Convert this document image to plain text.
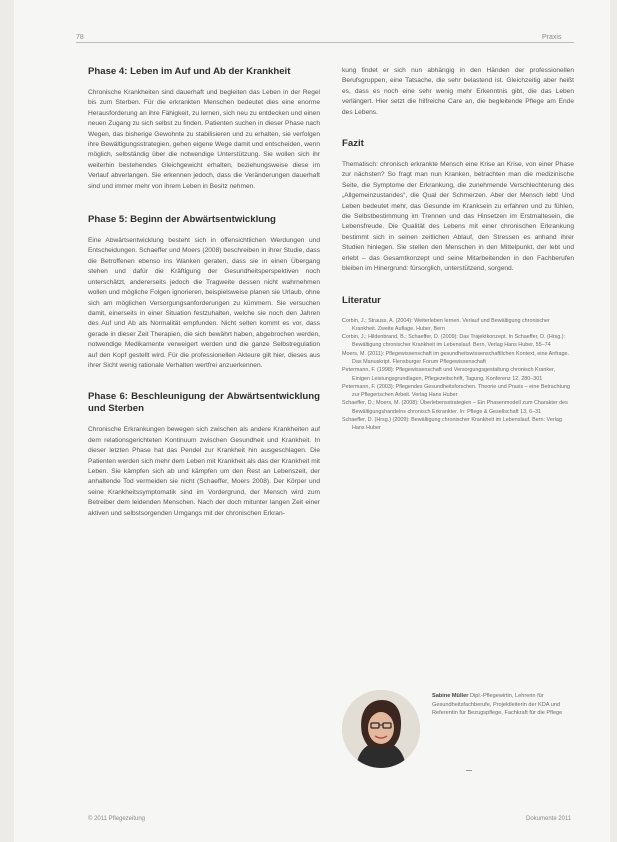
78	Praxis
Phase 4: Leben im Auf und Ab der Krankheit

Chronische Krankheiten sind dauerhaft und begleiten das Leben in der Regel bis zum Sterben. Für die erkrankten Menschen bedeutet dies eine enorme Herausforderung an ihre Fähigkeit, zu lernen, sich neu zu entdecken und einen neuen Zugang zu sich selbst zu finden. Patienten suchen in dieser Phase nach Wegen, das bisherige Gewohnte zu stabilisieren und zu erhalten, sie verfolgen ihre Bewältigungsstrategien, gehen eigene Wege damit und entscheiden, wenn möglich, selbständig über die notwendige Unterstützung. Sie wollen sich ihr weiterhin bestehendes Gleichgewicht erhalten, beziehungsweise diese im Verlauf abverlangen. Sie erkennen jedoch, dass die Veränderungen dauerhaft sind und immer mehr von ihrem Leben in Besitz nehmen.

Phase 5: Beginn der Abwärtsentwicklung

Eine Abwärtsentwicklung besteht sich in offensichtlichen Werdungen und Entscheidungen. Schaeffer und Moers (2008) beschreiben in ihrer Studie, dass die Betroffenen ebenso ins Wanken geraten, dass sie in einen Übergang stehen und dafür die Kräftigung der Gesundheitsperspektiven noch unterschätzt, andererseits jedoch die Tragweite dessen nicht wahrnehmen wollen und mögliche Folgen ignorieren, beispielsweise planen sie Urlaub, ohne sich am möglichen Versorgungsanforderungen zu kümmern. Sie versuchen damit, einerseits in einer Situation festzuhalten, welche sie noch den Jahren des Auf und Ab als Normalität empfunden. Nicht selten kommt es vor, dass gerade in dieser Zeit Therapien, die sich bewährt haben, abgebrochen werden, notwendige Medikamente verweigert werden und die ganze Selbstregulation auf den Kopf gestellt wird. Für die professionellen Akteure gilt hier, dieses aus ihrer Sicht wenig rationale Verhalten wertfrei anzuerkennen.

Phase 6: Beschleunigung der Abwärtsentwicklung und Sterben

Chronische Erkrankungen bewegen sich zwischen als andere Krankheiten auf dem relationsgerichteten Kontinuum zwischen Gesundheit und Krankheit. In dieser letzten Phase hat das Pendel zur Krankheit hin ausgeschlagen. Die Patienten werden sich mehr dem Leben mit Krankheit als das der Krankheit mit Leben. Sie kämpfen sich ab und kämpfen um den Rest an Lebenszeit, der anhaltende Tod vermeiden sie nicht (Schaeffer, Moers 2008). Der Körper und seine Krankheitssymptomatik sind im Vordergrund, der Mensch wird zum Betreiber dem leidenden Menschen. Nach der doch mitunter langen Zeit einer aktiven und selbstsorgenden Umgangs mit der chronischen Erkran-

kung findet er sich nun abhängig in den Händen der professionellen Berufsgruppen, eine Tatsache, die sehr belastend ist. Gleichzeitig aber heißt es, dass es noch eine sehr wenig mehr Erkenntnis gibt, die das Leben verlängert. Hier setzt die hilfreiche Care an, die begleitende Pflege am Ende des Lebens.

Fazit

Thematisch: chronisch erkrankte Mensch eine Krise an Krise, von einer Phase zur nächsten? So fragt man nun Kranken, betrachten man die medizinische Seite, die Symptome der Erkrankung, die zunehmende Verschlechterung des „Allgemeinzustandes“, die Qual der Schmerzen. Aber der Mensch lebt! Und Leben bedeutet mehr, das Gesunde im Kranksein zu erfahren und zu fühlen, die Selbstbestimmung im Trennen und das Hinsetzen im Erstmaltesein, die Lebensfreude. Die Qualität des Lebens mit einer chronischen Erkrankung bestimmt sich in seinen zeitlichen Ablauf, den Stressen es anhand ihrer Studien hinlegen. Sie stellen den Menschen in den Mittelpunkt, der lebt und erlebt – das Gesamtkonzept und seine Mitarbeitenden in den Fachberufen bleiben im Hinergrund: fürsorglich, unterstützend, sorgend.

Literatur

Corbin, J.; Strauss, A. (2004): Weiterleben lernen. Verlauf und Bewältigung chronischer Krankheit. Zweite Auflage. Huber, Bern

Corbin, J.; Hildenbrand, B.; Schaeffer, D. (2009): Das Trajektkonzept. In Schaeffer, D. (Hrsg.): Bewältigung chronischer Krankheit im Lebenslauf. Bern, Verlag Hans Huber, 55–74

Moers, M. (2011): Pflegewissenschaft im gesundheitswissenschaftlichen Kontext, eine Anfrage. Das Manuskript. Flensburger Forum Pflegewissenschaft

Petermann, F. (1998): Pflegewissenschaft und Versorgungsgestaltung chronisch Kranker, Einigen Leistungsgrundlagen, Pflegezeitschrift, Tagung, Konferenz 12, 280–301

Petermann, F. (2003): Pflegendes Gesundheitsforschen. Theorie und Praxis – eine Betrachtung zur Pflegerischen Arbeit. Verlag Hans Huber

Schaeffer, D.; Moers, M. (2008): Überlebensstrategien – Ein Phasenmodell zum Charakter des Bewältigungshandelns chronisch Erkrankter. In: Pflege & Gesellschaft 13, 6–31

Schaeffer, D. (Hrsg.) (2009): Bewältigung chronischer Krankheit im Lebenslauf. Bern: Verlag Hans Huber

Sabine Müller Dipl.-Pflegewirtin, Lehrerin für Gesundheitsfachberufe, Projektleiterin der KDA und Referentin für Bezugspflege, Fachkraft für die Pflege
© 2011 Pflegezeitung	Dokumente 2011
